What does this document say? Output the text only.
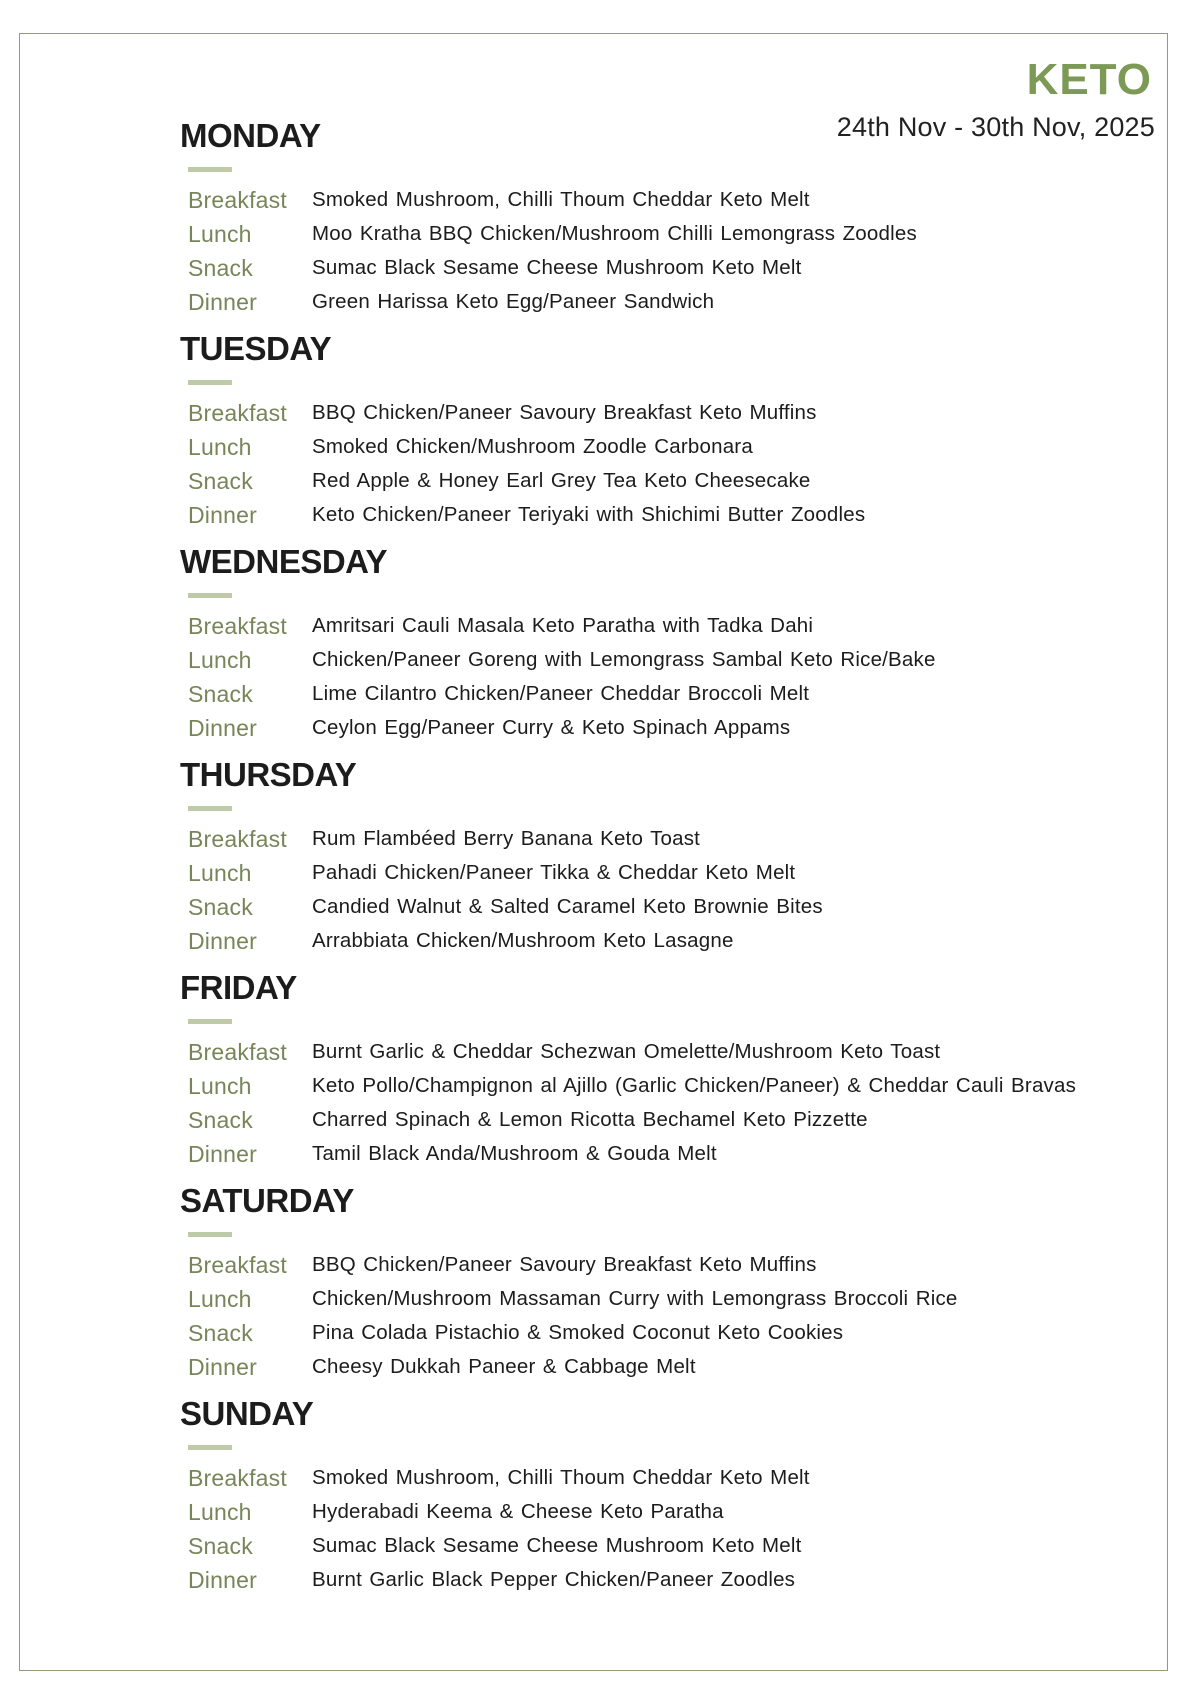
KETO
24th Nov - 30th Nov, 2025
MONDAY
Breakfast	Smoked Mushroom, Chilli Thoum Cheddar Keto Melt
Lunch	Moo Kratha BBQ Chicken/Mushroom Chilli Lemongrass Zoodles
Snack	Sumac Black Sesame Cheese Mushroom Keto Melt
Dinner	Green Harissa Keto Egg/Paneer Sandwich
TUESDAY
Breakfast	BBQ Chicken/Paneer Savoury Breakfast Keto Muffins
Lunch	Smoked Chicken/Mushroom Zoodle Carbonara
Snack	Red Apple & Honey Earl Grey Tea Keto Cheesecake
Dinner	Keto Chicken/Paneer Teriyaki with Shichimi Butter Zoodles
WEDNESDAY
Breakfast	Amritsari Cauli Masala Keto Paratha with Tadka Dahi
Lunch	Chicken/Paneer Goreng with Lemongrass Sambal Keto Rice/Bake
Snack	Lime Cilantro Chicken/Paneer Cheddar Broccoli Melt
Dinner	Ceylon Egg/Paneer Curry & Keto Spinach Appams
THURSDAY
Breakfast	Rum Flambéed Berry Banana Keto Toast
Lunch	Pahadi Chicken/Paneer Tikka & Cheddar Keto Melt
Snack	Candied Walnut & Salted Caramel Keto Brownie Bites
Dinner	Arrabbiata Chicken/Mushroom Keto Lasagne
FRIDAY
Breakfast	Burnt Garlic & Cheddar Schezwan Omelette/Mushroom Keto Toast
Lunch	Keto Pollo/Champignon al Ajillo (Garlic Chicken/Paneer) & Cheddar Cauli Bravas
Snack	Charred Spinach & Lemon Ricotta Bechamel Keto Pizzette
Dinner	Tamil Black Anda/Mushroom & Gouda Melt
SATURDAY
Breakfast	BBQ Chicken/Paneer Savoury Breakfast Keto Muffins
Lunch	Chicken/Mushroom Massaman Curry with Lemongrass Broccoli Rice
Snack	Pina Colada Pistachio & Smoked Coconut Keto Cookies
Dinner	Cheesy Dukkah Paneer & Cabbage Melt
SUNDAY
Breakfast	Smoked Mushroom, Chilli Thoum Cheddar Keto Melt
Lunch	Hyderabadi Keema & Cheese Keto Paratha
Snack	Sumac Black Sesame Cheese Mushroom Keto Melt
Dinner	Burnt Garlic Black Pepper Chicken/Paneer Zoodles
